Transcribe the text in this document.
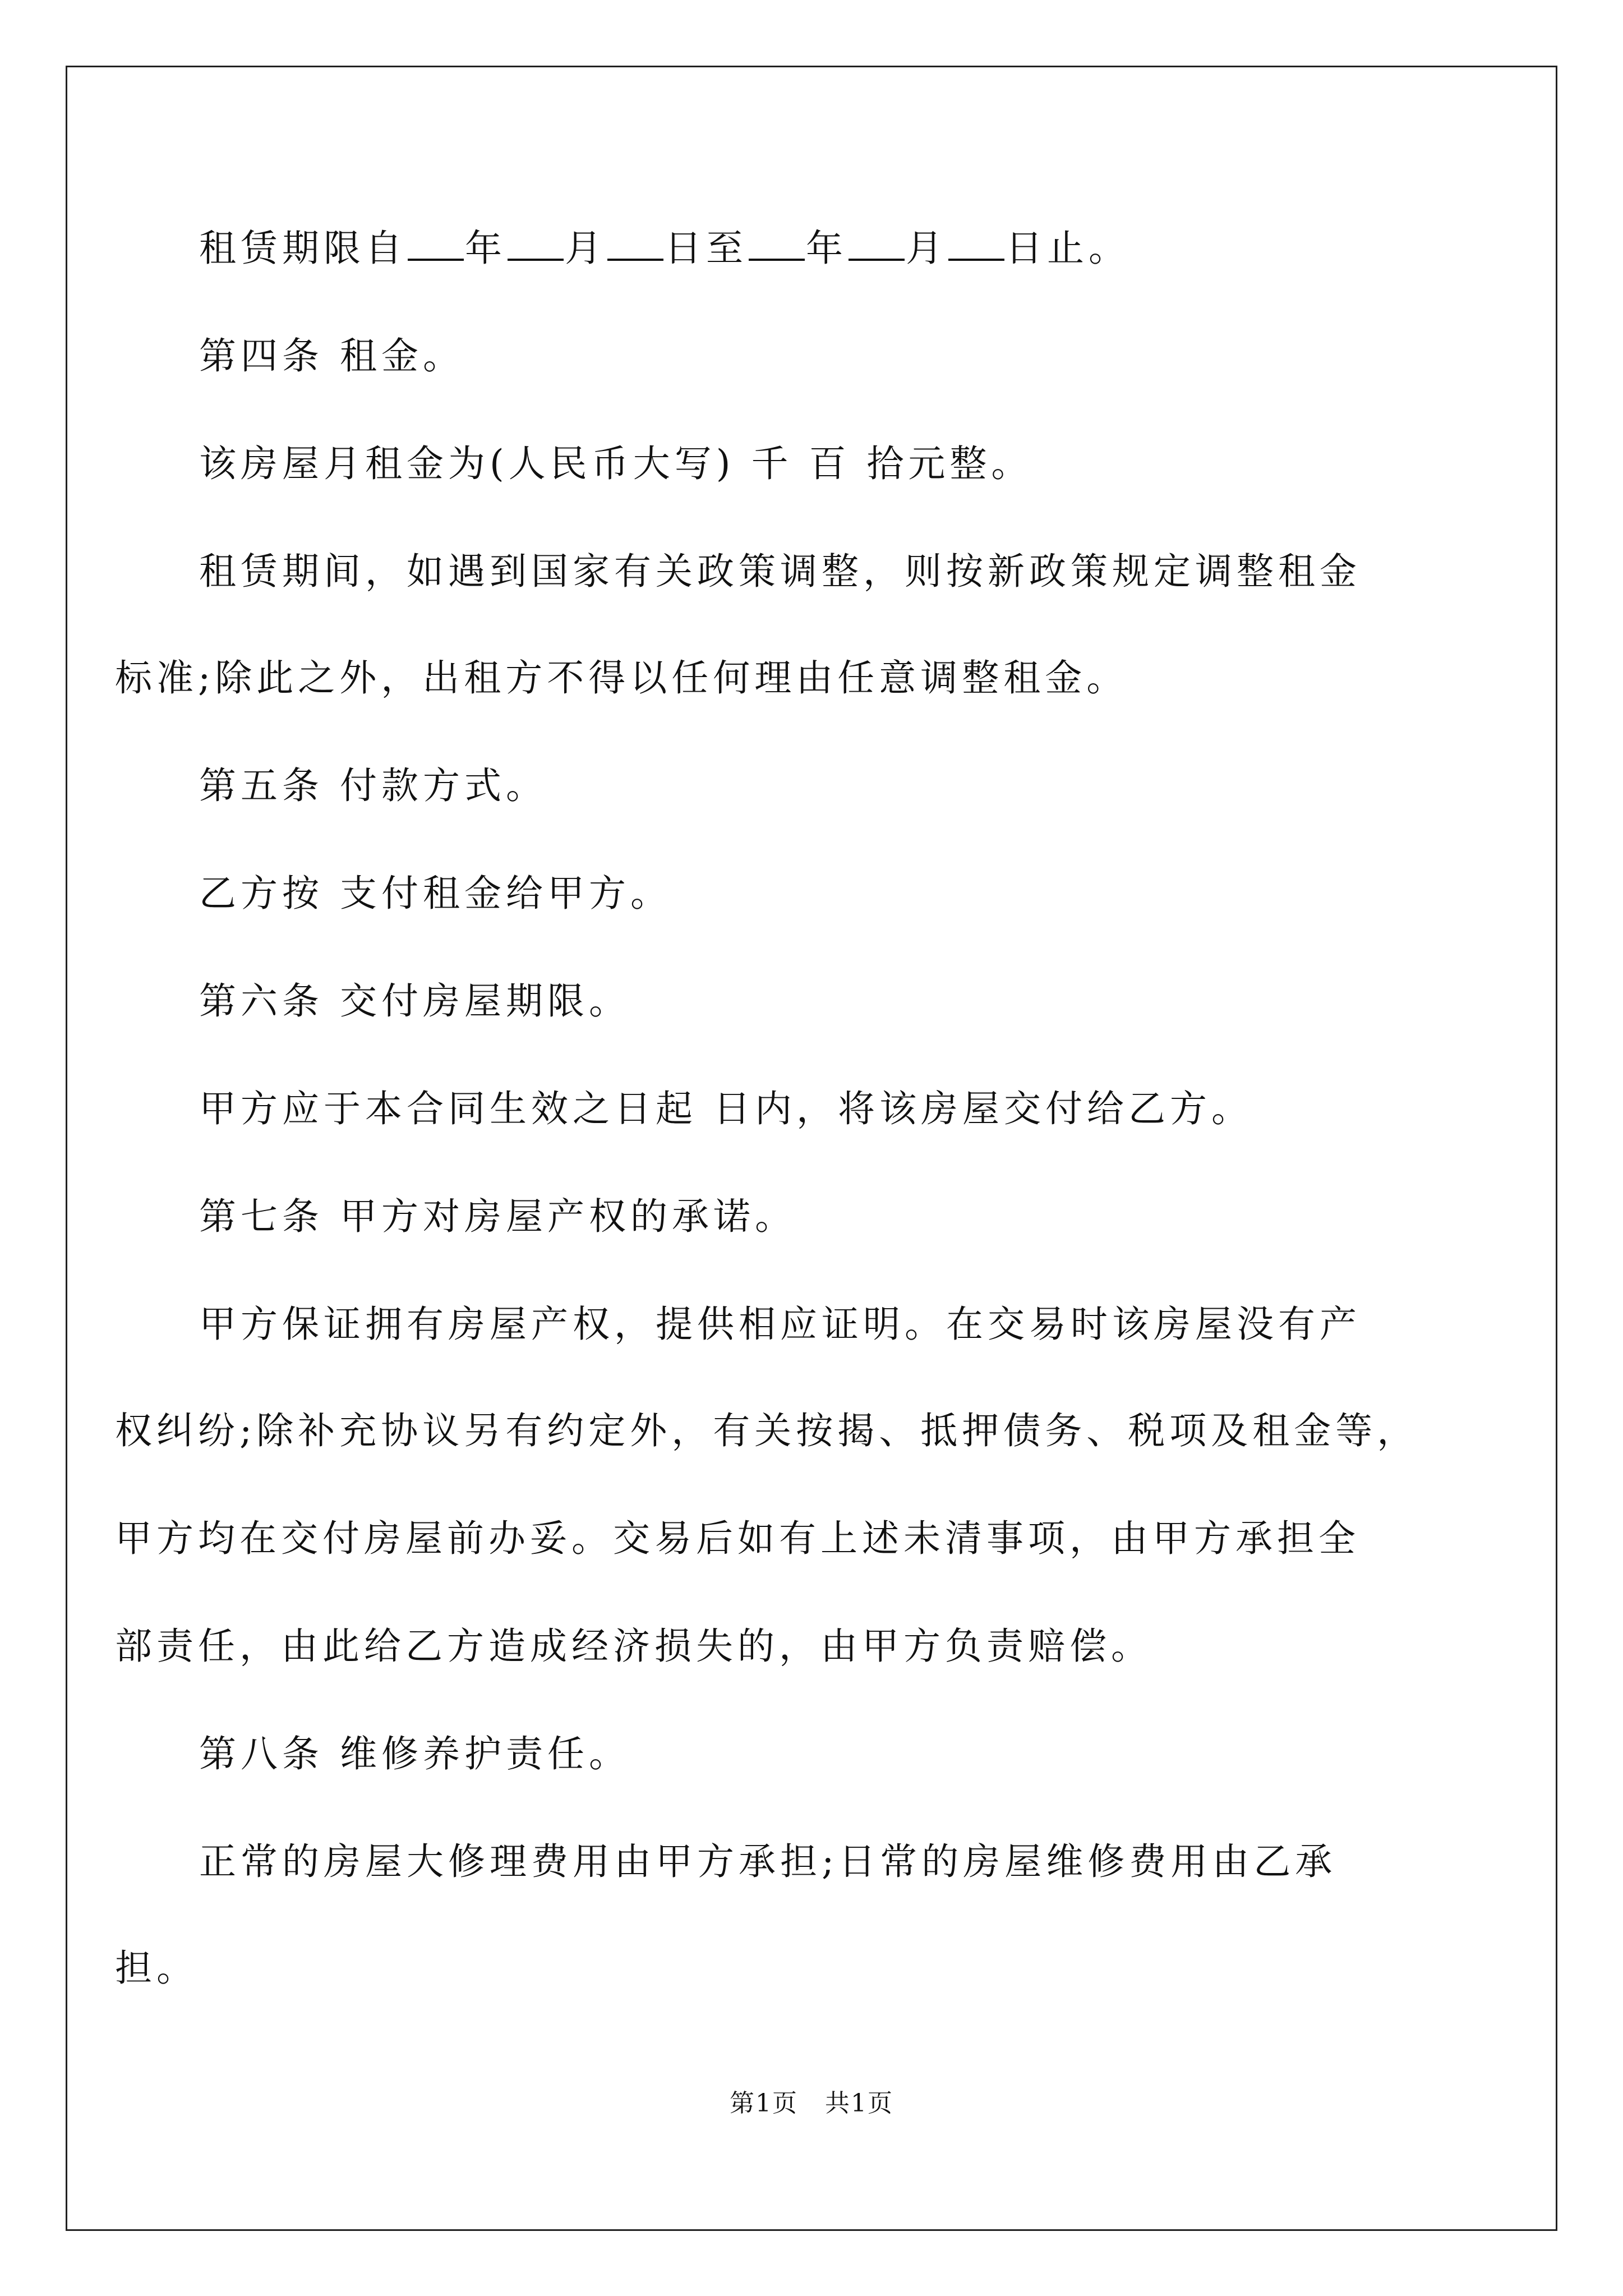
租赁期限自 年 月 日至 年 月 日止。
第四条 租金。
该房屋月租金为(人民币大写) 千 百 拾元整。
租赁期间，如遇到国家有关政策调整，则按新政策规定调整租金
标准;除此之外，出租方不得以任何理由任意调整租金。
第五条 付款方式。
乙方按 支付租金给甲方。
第六条 交付房屋期限。
甲方应于本合同生效之日起 日内，将该房屋交付给乙方。
第七条 甲方对房屋产权的承诺。
甲方保证拥有房屋产权，提供相应证明。在交易时该房屋没有产
权纠纷;除补充协议另有约定外，有关按揭、抵押债务、税项及租金等，
甲方均在交付房屋前办妥。交易后如有上述未清事项，由甲方承担全
部责任，由此给乙方造成经济损失的，由甲方负责赔偿。
第八条 维修养护责任。
正常的房屋大修理费用由甲方承担;日常的房屋维修费用由乙承
担。
第1页 共1页
